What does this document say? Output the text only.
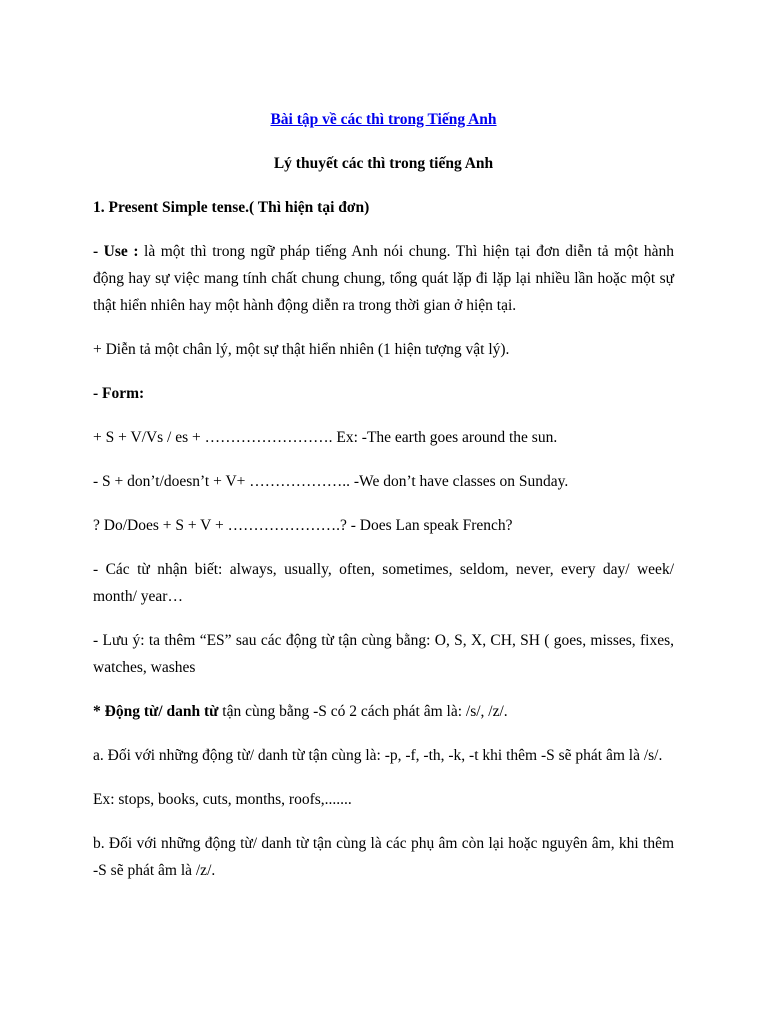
Bài tập về các thì trong Tiếng Anh
Lý thuyết các thì trong tiếng Anh

1. Present Simple tense.( Thì hiện tại đơn)

- Use : là một thì trong ngữ pháp tiếng Anh nói chung. Thì hiện tại đơn diễn tả một hành động hay sự việc mang tính chất chung chung, tổng quát lặp đi lặp lại nhiều lần hoặc một sự thật hiển nhiên hay một hành động diễn ra trong thời gian ở hiện tại.

+ Diễn tả một chân lý, một sự thật hiển nhiên (1 hiện tượng vật lý).

- Form:

+ S + V/Vs / es + ……………………. Ex: -The earth goes around the sun.

- S + don’t/doesn’t + V+ ……………….. -We don’t have classes on Sunday.

? Do/Does + S + V + ………………….? - Does Lan speak French?

- Các từ nhận biết: always, usually, often, sometimes, seldom, never, every day/ week/ month/ year…

- Lưu ý: ta thêm “ES” sau các động từ tận cùng bằng: O, S, X, CH, SH ( goes, misses, fixes, watches, washes

* Động từ/ danh từ tận cùng bằng -S có 2 cách phát âm là: /s/, /z/.

a. Đối với những động từ/ danh từ tận cùng là: -p, -f, -th, -k, -t khi thêm -S sẽ phát âm là /s/.

Ex: stops, books, cuts, months, roofs,.......

b. Đối với những động từ/ danh từ tận cùng là các phụ âm còn lại hoặc nguyên âm, khi thêm -S sẽ phát âm là /z/.
